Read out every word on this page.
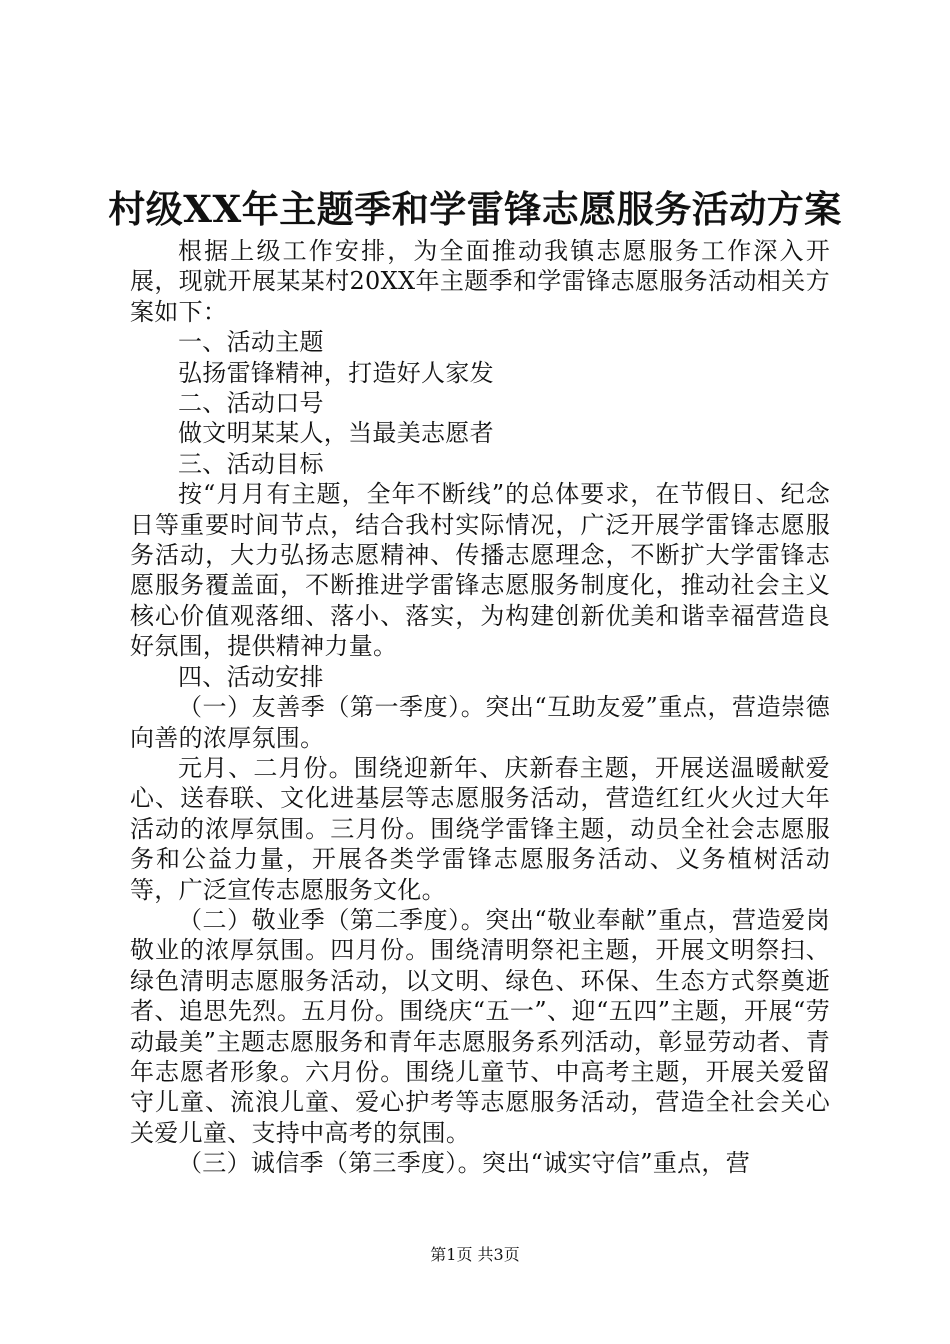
村级XX年主题季和学雷锋志愿服务活动方案

根据上级工作安排，为全面推动我镇志愿服务工作深入开展，现就开展某某村20XX年主题季和学雷锋志愿服务活动相关方案如下：

一、活动主题

弘扬雷锋精神，打造好人家发

二、活动口号

做文明某某人，当最美志愿者

三、活动目标

按“月月有主题，全年不断线”的总体要求，在节假日、纪念日等重要时间节点，结合我村实际情况，广泛开展学雷锋志愿服务活动，大力弘扬志愿精神、传播志愿理念，不断扩大学雷锋志愿服务覆盖面，不断推进学雷锋志愿服务制度化，推动社会主义核心价值观落细、落小、落实，为构建创新优美和谐幸福营造良好氛围，提供精神力量。

四、活动安排

（一）友善季（第一季度）。突出“互助友爱”重点，营造崇德向善的浓厚氛围。

元月、二月份。围绕迎新年、庆新春主题，开展送温暖献爱心、送春联、文化进基层等志愿服务活动，营造红红火火过大年活动的浓厚氛围。三月份。围绕学雷锋主题，动员全社会志愿服务和公益力量，开展各类学雷锋志愿服务活动、义务植树活动等，广泛宣传志愿服务文化。

（二）敬业季（第二季度）。突出“敬业奉献”重点，营造爱岗敬业的浓厚氛围。四月份。围绕清明祭祀主题，开展文明祭扫、绿色清明志愿服务活动，以文明、绿色、环保、生态方式祭奠逝者、追思先烈。五月份。围绕庆“五一”、迎“五四”主题，开展“劳动最美”主题志愿服务和青年志愿服务系列活动，彰显劳动者、青年志愿者形象。六月份。围绕儿童节、中高考主题，开展关爱留守儿童、流浪儿童、爱心护考等志愿服务活动，营造全社会关心关爱儿童、支持中高考的氛围。

（三）诚信季（第三季度）。突出“诚实守信”重点，营

第1页 共3页
